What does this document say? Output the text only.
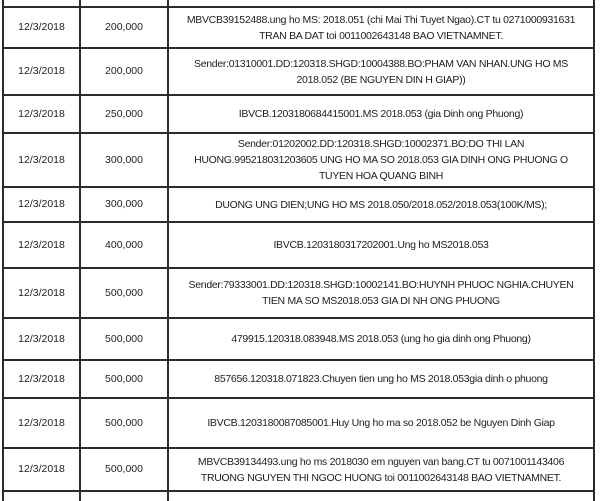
12/3/2018	200,000	MBVCB39152488.ung ho MS: 2018.051 (chi Mai Thi Tuyet Ngao).CT tu 0271000931631 TRAN BA DAT toi 0011002643148 BAO VIETNAMNET.
12/3/2018	200,000	Sender:01310001.DD:120318.SHGD:10004388.BO:PHAM VAN NHAN.UNG HO MS 2018.052 (BE NGUYEN DIN H GIAP))
12/3/2018	250,000	IBVCB.1203180684415001.MS 2018.053 (gia Dinh ong Phuong)
12/3/2018	300,000	Sender:01202002.DD:120318.SHGD:10002371.BO:DO THI LAN HUONG.995218031203605 UNG HO MA SO 2018.053 GIA DINH ONG PHUONG O TUYEN HOA QUANG BINH
12/3/2018	300,000	DUONG UNG DIEN;UNG HO MS 2018.050/2018.052/2018.053(100K/MS);
12/3/2018	400,000	IBVCB.1203180317202001.Ung ho MS2018.053
12/3/2018	500,000	Sender:79333001.DD:120318.SHGD:10002141.BO:HUYNH PHUOC NGHIA.CHUYEN TIEN MA SO MS2018.053 GIA DI NH ONG PHUONG
12/3/2018	500,000	479915.120318.083948.MS 2018.053 (ung ho gia dinh ong Phuong)
12/3/2018	500,000	857656.120318.071823.Chuyen tien ung ho MS 2018.053gia dinh o phuong
12/3/2018	500,000	IBVCB.1203180087085001.Huy Ung ho ma so 2018.052 be Nguyen Dinh Giap
12/3/2018	500,000	MBVCB39134493.ung ho ms 2018030 em nguyen van bang.CT tu 0071001143406 TRUONG NGUYEN THI NGOC HUONG toi 0011002643148 BAO VIETNAMNET.
